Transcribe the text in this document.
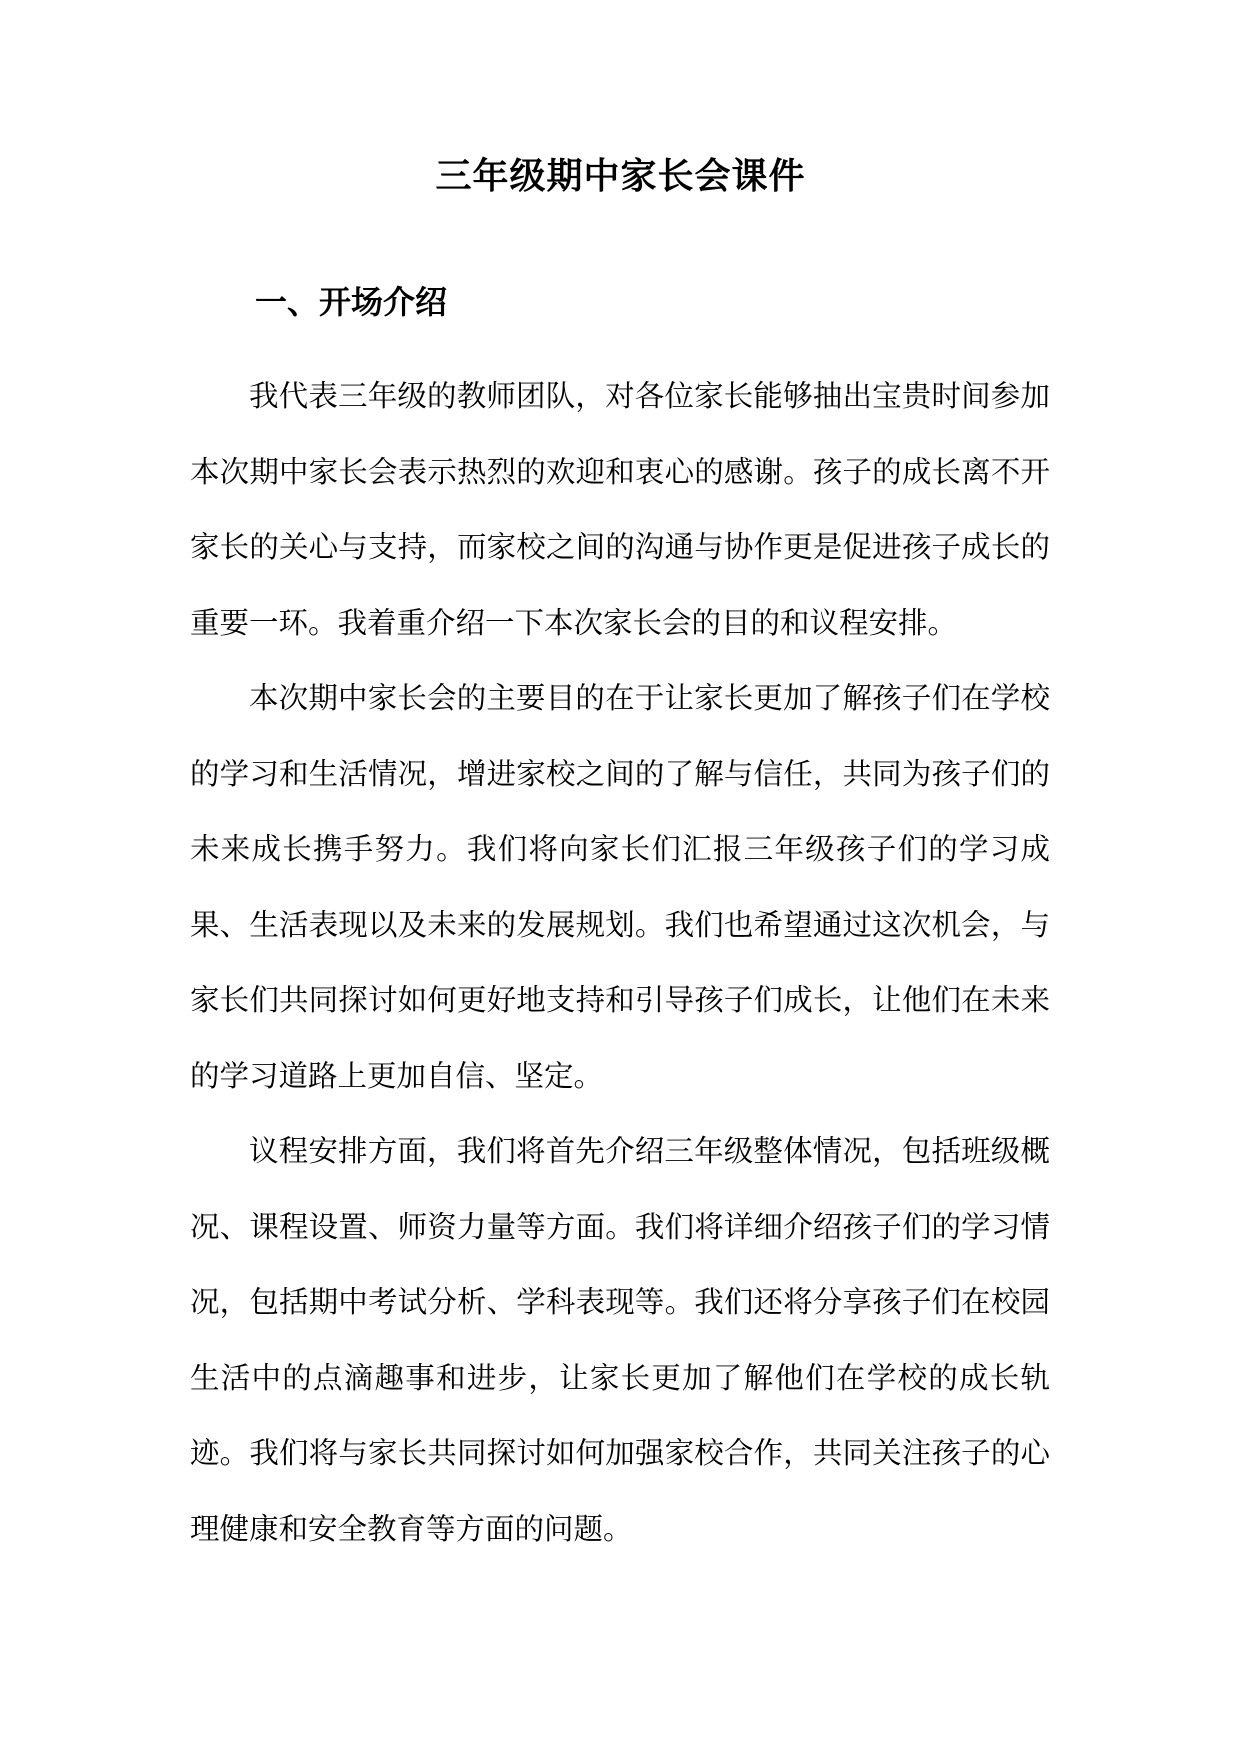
三年级期中家长会课件
一、开场介绍

我代表三年级的教师团队，对各位家长能够抽出宝贵时间参加本次期中家长会表示热烈的欢迎和衷心的感谢。孩子的成长离不开家长的关心与支持，而家校之间的沟通与协作更是促进孩子成长的重要一环。我着重介绍一下本次家长会的目的和议程安排。

本次期中家长会的主要目的在于让家长更加了解孩子们在学校的学习和生活情况，增进家校之间的了解与信任，共同为孩子们的未来成长携手努力。我们将向家长们汇报三年级孩子们的学习成果、生活表现以及未来的发展规划。我们也希望通过这次机会，与家长们共同探讨如何更好地支持和引导孩子们成长，让他们在未来的学习道路上更加自信、坚定。

议程安排方面，我们将首先介绍三年级整体情况，包括班级概况、课程设置、师资力量等方面。我们将详细介绍孩子们的学习情况，包括期中考试分析、学科表现等。我们还将分享孩子们在校园生活中的点滴趣事和进步，让家长更加了解他们在学校的成长轨迹。我们将与家长共同探讨如何加强家校合作，共同关注孩子的心理健康和安全教育等方面的问题。
